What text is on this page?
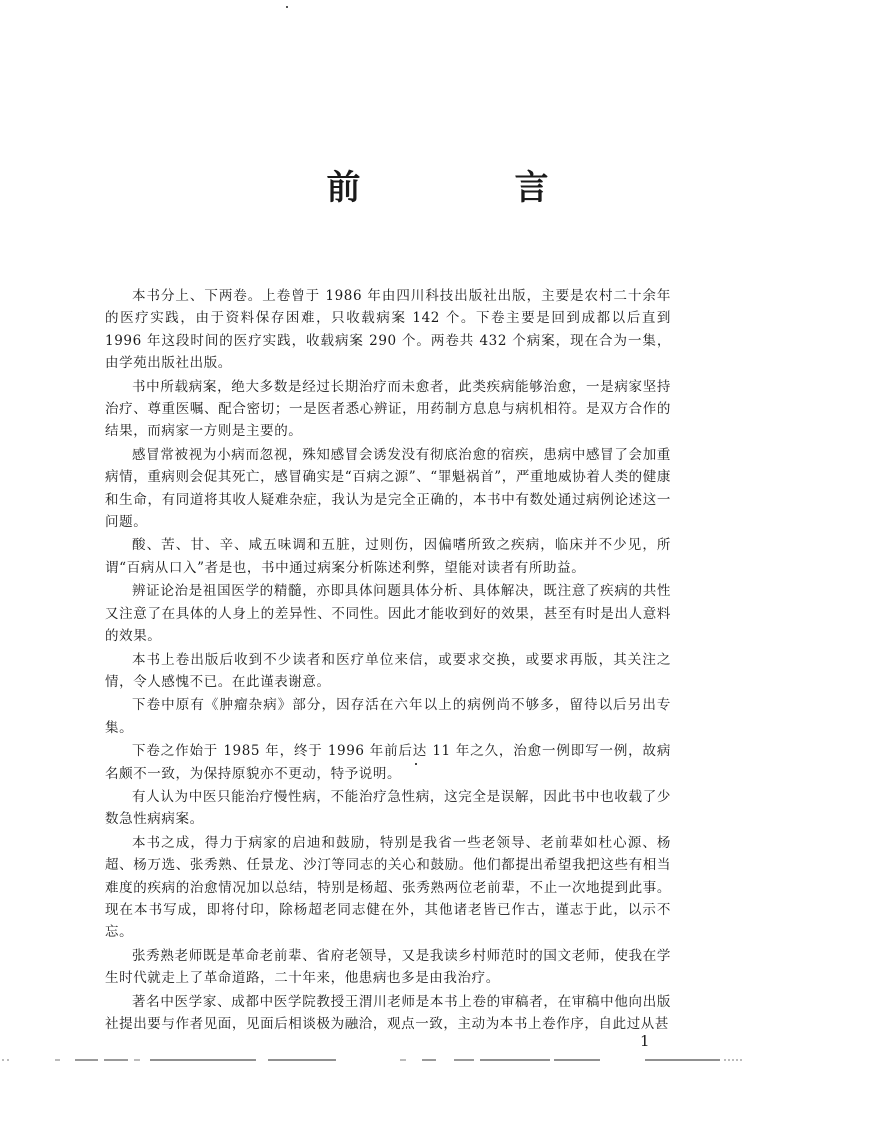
前　言

本书分上、下两卷。上卷曾于 1986 年由四川科技出版社出版，主要是农村二十余年的医疗实践，由于资料保存困难，只收载病案 142 个。下卷主要是回到成都以后直到 1996 年这段时间的医疗实践，收载病案 290 个。两卷共 432 个病案，现在合为一集，由学苑出版社出版。

书中所载病案，绝大多数是经过长期治疗而未愈者，此类疾病能够治愈，一是病家坚持治疗、尊重医嘱、配合密切；一是医者悉心辨证，用药制方息息与病机相符。是双方合作的结果，而病家一方则是主要的。

感冒常被视为小病而忽视，殊知感冒会诱发没有彻底治愈的宿疾，患病中感冒了会加重病情，重病则会促其死亡，感冒确实是“百病之源”、“罪魁祸首”，严重地威协着人类的健康和生命，有同道将其收人疑难杂症，我认为是完全正确的，本书中有数处通过病例论述这一问题。

酸、苦、甘、辛、咸五味调和五脏，过则伤，因偏嗜所致之疾病，临床并不少见，所谓“百病从口入”者是也，书中通过病案分析陈述利弊，望能对读者有所助益。

辨证论治是祖国医学的精髓，亦即具体问题具体分析、具体解决，既注意了疾病的共性又注意了在具体的人身上的差异性、不同性。因此才能收到好的效果，甚至有时是出人意料的效果。

本书上卷出版后收到不少读者和医疗单位来信，或要求交换，或要求再版，其关注之情，令人感愧不已。在此谨表谢意。

下卷中原有《肿瘤杂病》部分，因存活在六年以上的病例尚不够多，留待以后另出专集。

下卷之作始于 1985 年，终于 1996 年前后达 11 年之久，治愈一例即写一例，故病名颇不一致，为保持原貌亦不更动，特予说明。

有人认为中医只能治疗慢性病，不能治疗急性病，这完全是误解，因此书中也收载了少数急性病病案。

本书之成，得力于病家的启迪和鼓励，特别是我省一些老领导、老前辈如杜心源、杨超、杨万选、张秀熟、任景龙、沙汀等同志的关心和鼓励。他们都提出希望我把这些有相当难度的疾病的治愈情况加以总结，特别是杨超、张秀熟两位老前辈，不止一次地提到此事。现在本书写成，即将付印，除杨超老同志健在外，其他诸老皆已作古，谨志于此，以示不忘。

张秀熟老师既是革命老前辈、省府老领导，又是我读乡村师范时的国文老师，使我在学生时代就走上了革命道路，二十年来，他患病也多是由我治疗。

著名中医学家、成都中医学院教授王渭川老师是本书上卷的审稿者，在审稿中他向出版社提出要与作者见面，见面后相谈极为融洽，观点一致，主动为本书上卷作序，自此过从甚

1
